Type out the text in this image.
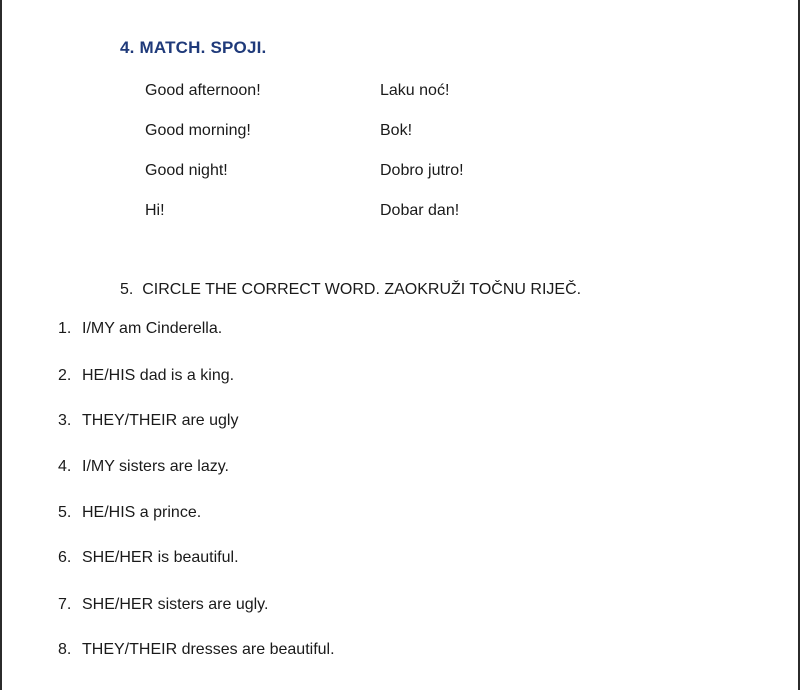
4. MATCH. SPOJI.
Good afternoon!	Laku noć!
Good morning!	Bok!
Good night!	Dobro jutro!
Hi!	Dobar dan!
5.  CIRCLE THE CORRECT WORD. ZAOKRUŽI TOČNU RIJEČ.
1. I/MY am Cinderella.
2. HE/HIS dad is a king.
3. THEY/THEIR are ugly
4. I/MY sisters are lazy.
5. HE/HIS a prince.
6. SHE/HER is beautiful.
7. SHE/HER sisters are ugly.
8. THEY/THEIR dresses are beautiful.
